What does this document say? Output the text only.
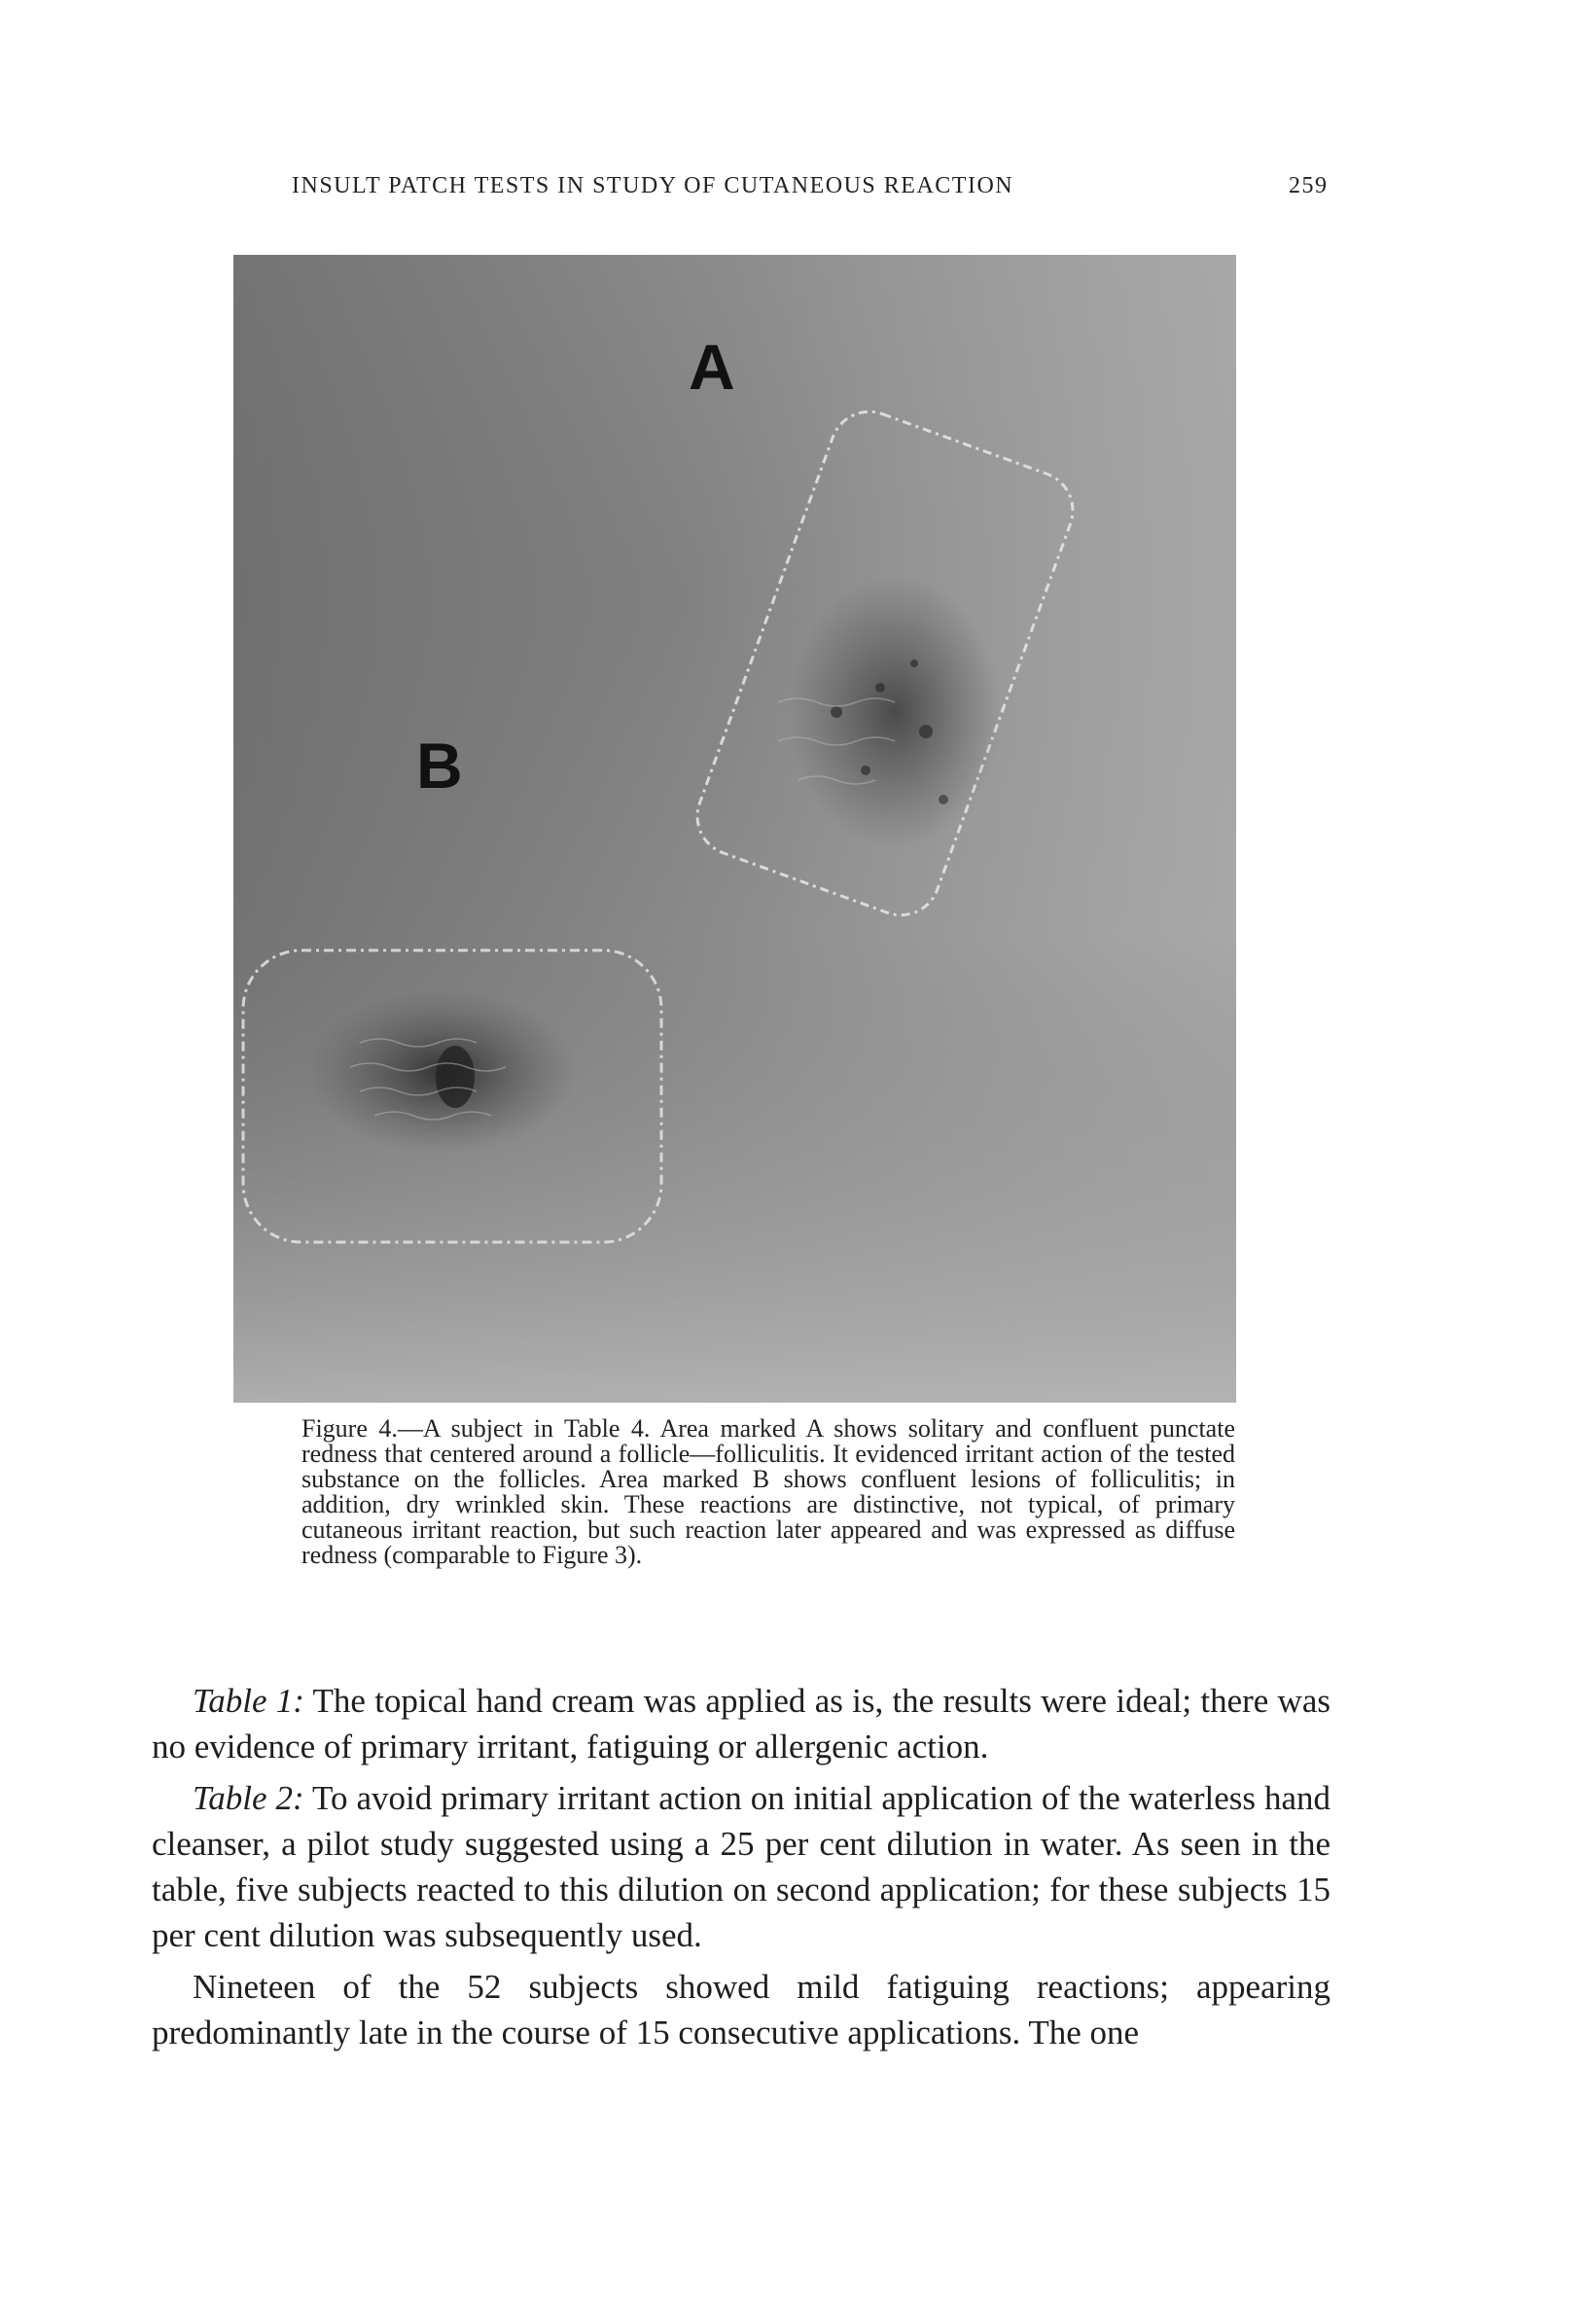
INSULT PATCH TESTS IN STUDY OF CUTANEOUS REACTION	259
A
B

Figure 4.—A subject in Table 4. Area marked A shows solitary and confluent punctate redness that centered around a follicle—folliculitis. It evidenced irritant action of the tested substance on the follicles. Area marked B shows confluent lesions of folliculitis; in addition, dry wrinkled skin. These reactions are distinctive, not typical, of primary cutaneous irritant reaction, but such reaction later appeared and was expressed as diffuse redness (comparable to Figure 3).

Table 1: The topical hand cream was applied as is, the results were ideal; there was no evidence of primary irritant, fatiguing or allergenic action.

Table 2: To avoid primary irritant action on initial application of the waterless hand cleanser, a pilot study suggested using a 25 per cent dilution in water. As seen in the table, five subjects reacted to this dilution on second application; for these subjects 15 per cent dilution was subsequently used.

Nineteen of the 52 subjects showed mild fatiguing reactions; appearing predominantly late in the course of 15 consecutive applications. The one
